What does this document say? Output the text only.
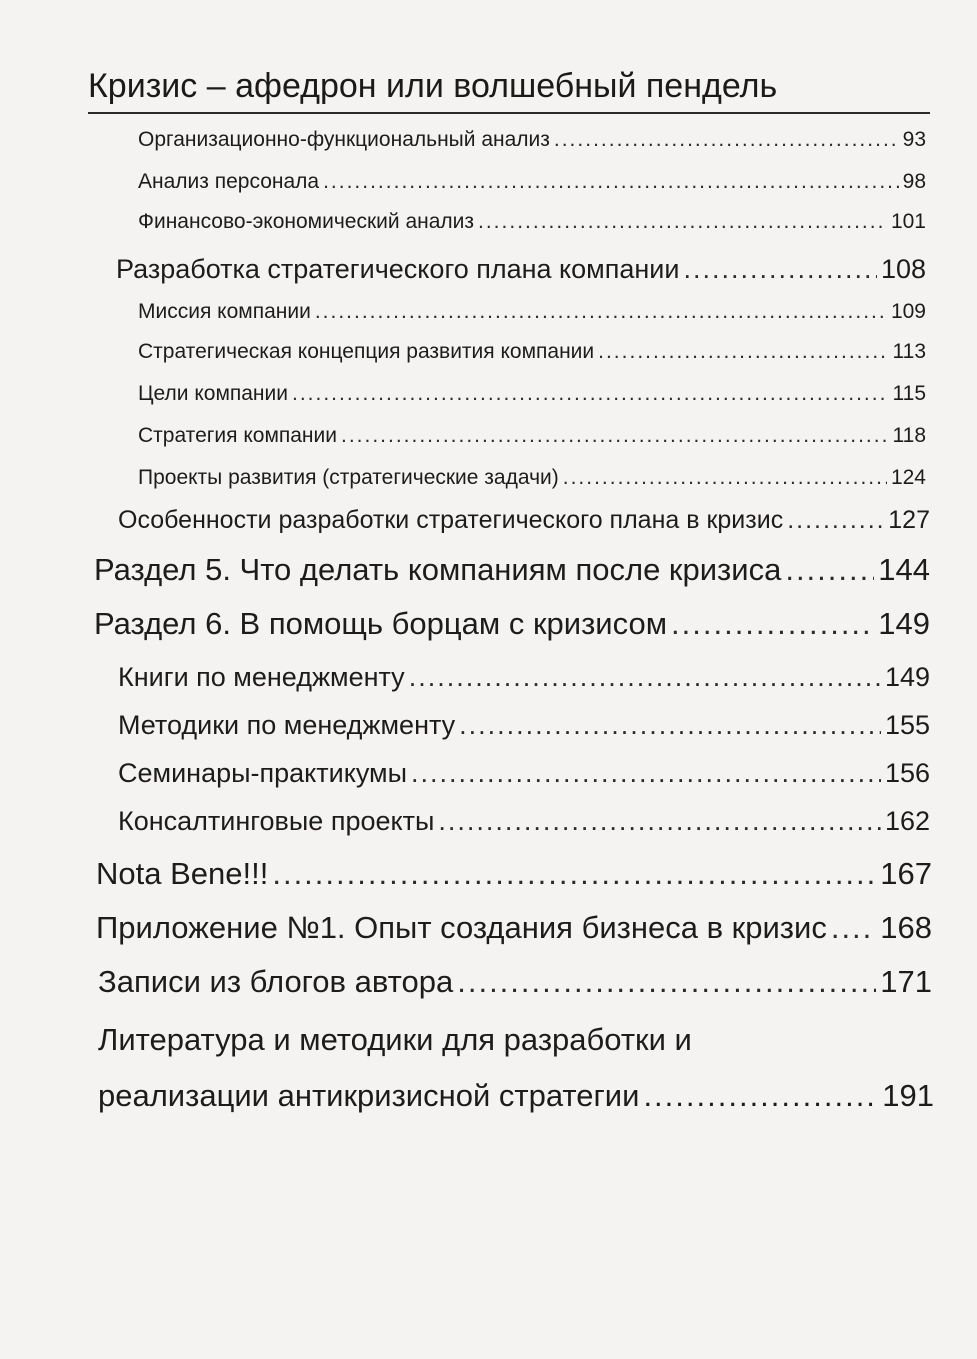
Кризис – афедрон или волшебный пендель
Организационно-функциональный анализ .....	93
Анализ персонала .....	98
Финансово-экономический анализ .....	101
Разработка стратегического плана компании .....	108
Миссия компании .....	109
Стратегическая концепция развития компании .....	113
Цели компании .....	115
Стратегия компании .....	118
Проекты развития (стратегические задачи) .....	124
Особенности разработки стратегического плана в кризис .....	127
Раздел 5. Что делать компаниям после кризиса .....	144
Раздел 6. В помощь борцам с кризисом .....	149
Книги по менеджменту .....	149
Методики по менеджменту .....	155
Семинары-практикумы .....	156
Консалтинговые проекты .....	162
Nota Bene!!! .....	167
Приложение №1. Опыт создания бизнеса в кризис ..... 168
Записи из блогов автора .....	171
Литература и методики для разработки и
реализации антикризисной стратегии .....	191
